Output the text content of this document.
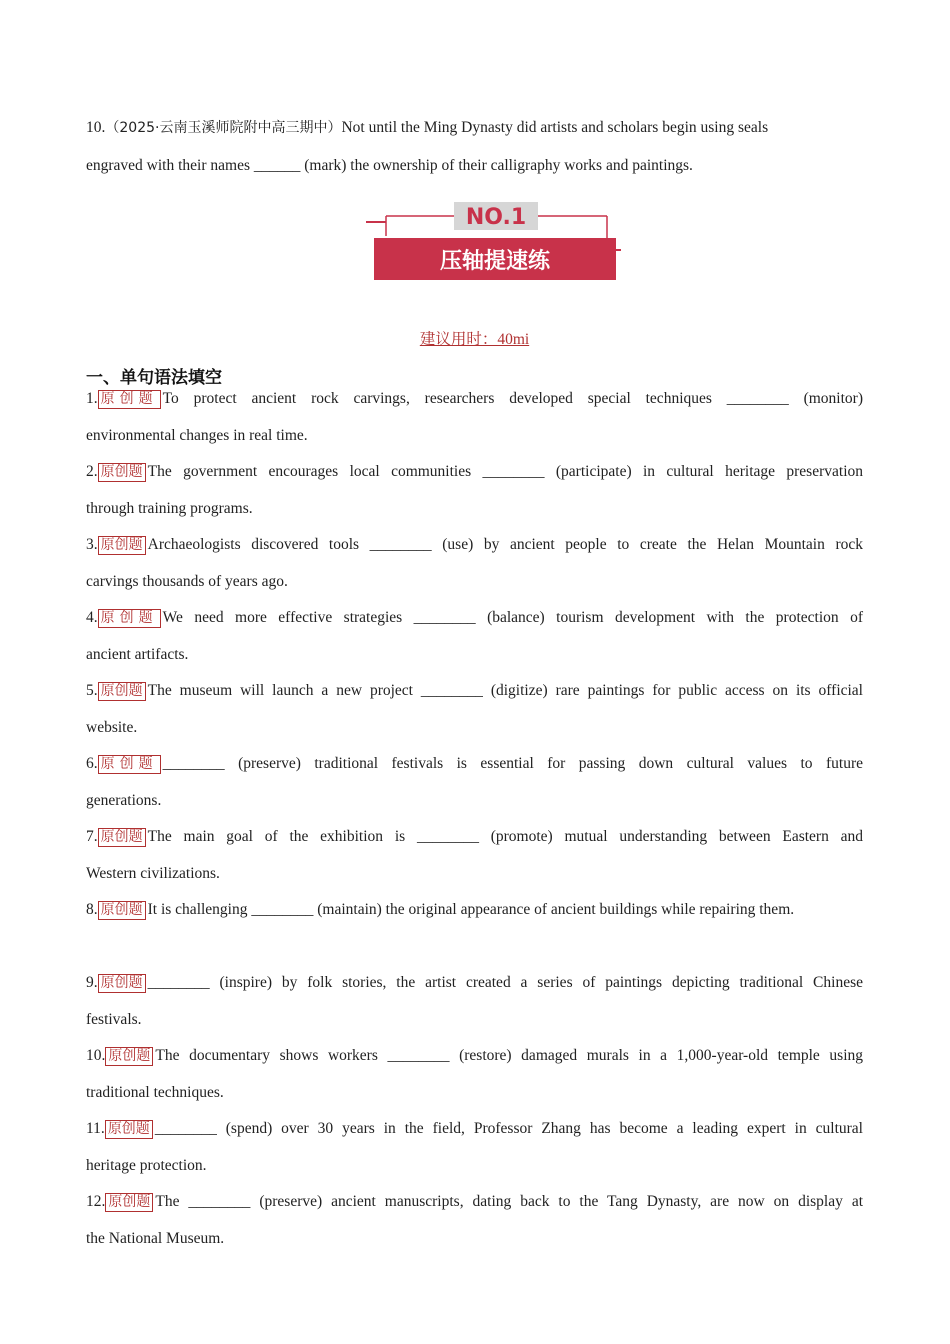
10.（2025·云南玉溪师院附中高三期中）Not until the Ming Dynasty did artists and scholars begin using seals
engraved with their names ______ (mark) the ownership of their calligraphy works and paintings.
NO.1
压轴提速练
建议用时：40mi
一、单句语法填空
1. 原创题 To protect ancient rock carvings, researchers developed special techniques ________ (monitor)
environmental changes in real time.
2. 原创题 The government encourages local communities ________ (participate) in cultural heritage preservation
through training programs.
3. 原创题 Archaeologists discovered tools ________ (use) by ancient people to create the Helan Mountain rock
carvings thousands of years ago.
4. 原创题 We need more effective strategies ________ (balance) tourism development with the protection of
ancient artifacts.
5. 原创题 The museum will launch a new project ________ (digitize) rare paintings for public access on its official
website.
6. 原创题 ________ (preserve) traditional festivals is essential for passing down cultural values to future
generations.
7. 原创题 The main goal of the exhibition is ________ (promote) mutual understanding between Eastern and
Western civilizations.
8. 原创题 It is challenging ________ (maintain) the original appearance of ancient buildings while repairing them.
9. 原创题 ________ (inspire) by folk stories, the artist created a series of paintings depicting traditional Chinese
festivals.
10. 原创题 The documentary shows workers ________ (restore) damaged murals in a 1,000-year-old temple using
traditional techniques.
11. 原创题 ________ (spend) over 30 years in the field, Professor Zhang has become a leading expert in cultural
heritage protection.
12. 原创题 The ________ (preserve) ancient manuscripts, dating back to the Tang Dynasty, are now on display at
the National Museum.
